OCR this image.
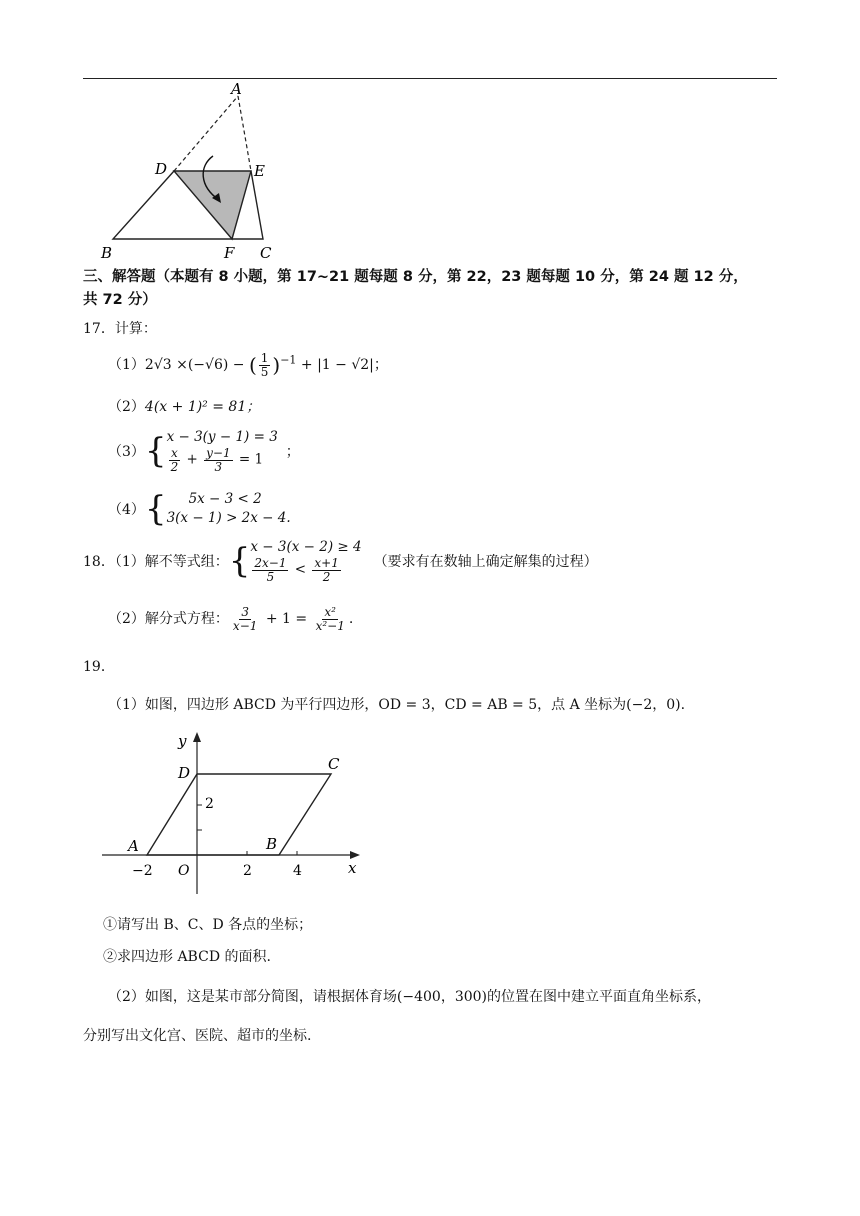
A
D	E
B	F C
三、解答题（本题有 8 小题，第 17~21 题每题 8 分，第 22，23 题每题 10 分，第 24 题 12 分，
共 72 分）
17．计算：
（1）2√3 ×(−√6) − ( $\frac{1}{5} )^{-1} + |1 - √2|$；
（2）4(x + 1)² = 81；
（3） { x − 3(y − 1) = 3
$\frac{x}{2} + \frac{y-1}{3} = 1$	；
（4） {	5x − 3 < 2
3(x − 1) > 2x − 4.
18．（1）解不等式组： { x − 3(x − 2) ≥ 4
$\frac{2x-1}{5} < \frac{x+1}{2}$ （要求有在数轴上确定解集的过程）
（2）解分式方程： $\frac{3}{x-1} + 1 = \frac{\text{x²}}{\text{x²−1}}$ .
19．
（1）如图，四边形 ABCD 为平行四边形，OD = 3，CD = AB = 5，点 A 坐标为(−2，0).
y
x
O
−2	2	4
2
A	B
C
D
①请写出 B、C、D 各点的坐标；
②求四边形 ABCD 的面积.
（2）如图，这是某市部分简图，请根据体育场(−400，300)的位置在图中建立平面直角坐标系，
分别写出文化宫、医院、超市的坐标.
